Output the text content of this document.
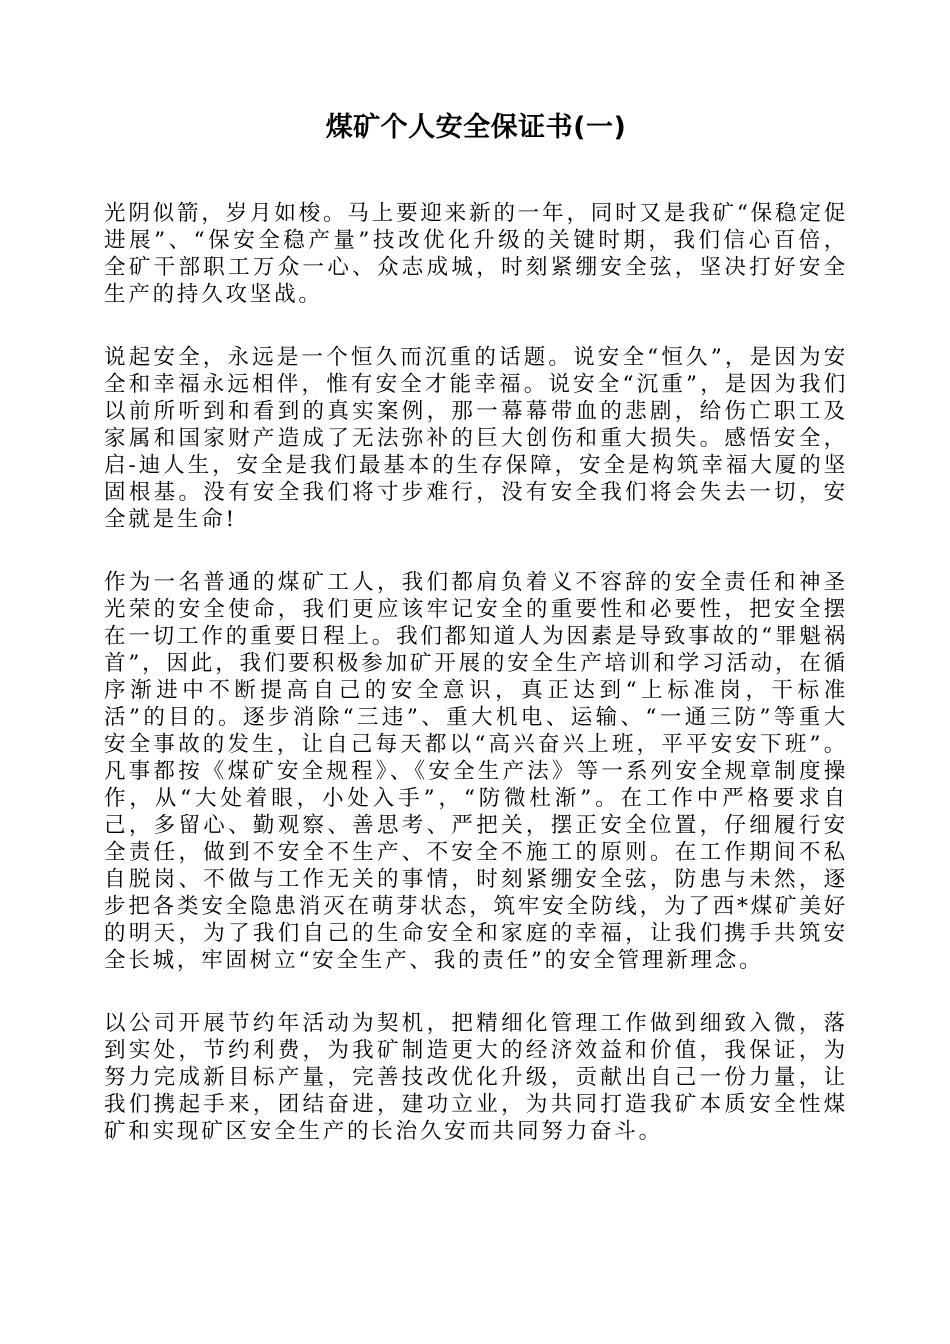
煤矿个人安全保证书(一)

光阴似箭，岁月如梭。马上要迎来新的一年，同时又是我矿“保稳定促进展”、“保安全稳产量”技改优化升级的关键时期，我们信心百倍，全矿干部职工万众一心、众志成城，时刻紧绷安全弦，坚决打好安全生产的持久攻坚战。

说起安全，永远是一个恒久而沉重的话题。说安全“恒久”，是因为安全和幸福永远相伴，惟有安全才能幸福。说安全“沉重”，是因为我们以前所听到和看到的真实案例，那一幕幕带血的悲剧，给伤亡职工及家属和国家财产造成了无法弥补的巨大创伤和重大损失。感悟安全，启-迪人生，安全是我们最基本的生存保障，安全是构筑幸福大厦的坚固根基。没有安全我们将寸步难行，没有安全我们将会失去一切，安全就是生命!

作为一名普通的煤矿工人，我们都肩负着义不容辞的安全责任和神圣光荣的安全使命，我们更应该牢记安全的重要性和必要性，把安全摆在一切工作的重要日程上。我们都知道人为因素是导致事故的“罪魁祸首”，因此，我们要积极参加矿开展的安全生产培训和学习活动，在循序渐进中不断提高自己的安全意识，真正达到“上标准岗，干标准活”的目的。逐步消除“三违”、重大机电、运输、“一通三防”等重大安全事故的发生，让自己每天都以“高兴奋兴上班，平平安安下班”。凡事都按《煤矿安全规程》、《安全生产法》等一系列安全规章制度操作，从“大处着眼，小处入手”，“防微杜渐”。在工作中严格要求自己，多留心、勤观察、善思考、严把关，摆正安全位置，仔细履行安全责任，做到不安全不生产、不安全不施工的原则。在工作期间不私自脱岗、不做与工作无关的事情，时刻紧绷安全弦，防患与未然，逐步把各类安全隐患消灭在萌芽状态，筑牢安全防线，为了西*煤矿美好的明天，为了我们自己的生命安全和家庭的幸福，让我们携手共筑安全长城，牢固树立“安全生产、我的责任”的安全管理新理念。

以公司开展节约年活动为契机，把精细化管理工作做到细致入微，落到实处，节约利费，为我矿制造更大的经济效益和价值，我保证，为努力完成新目标产量，完善技改优化升级，贡献出自己一份力量，让我们携起手来，团结奋进，建功立业，为共同打造我矿本质安全性煤矿和实现矿区安全生产的长治久安而共同努力奋斗。
